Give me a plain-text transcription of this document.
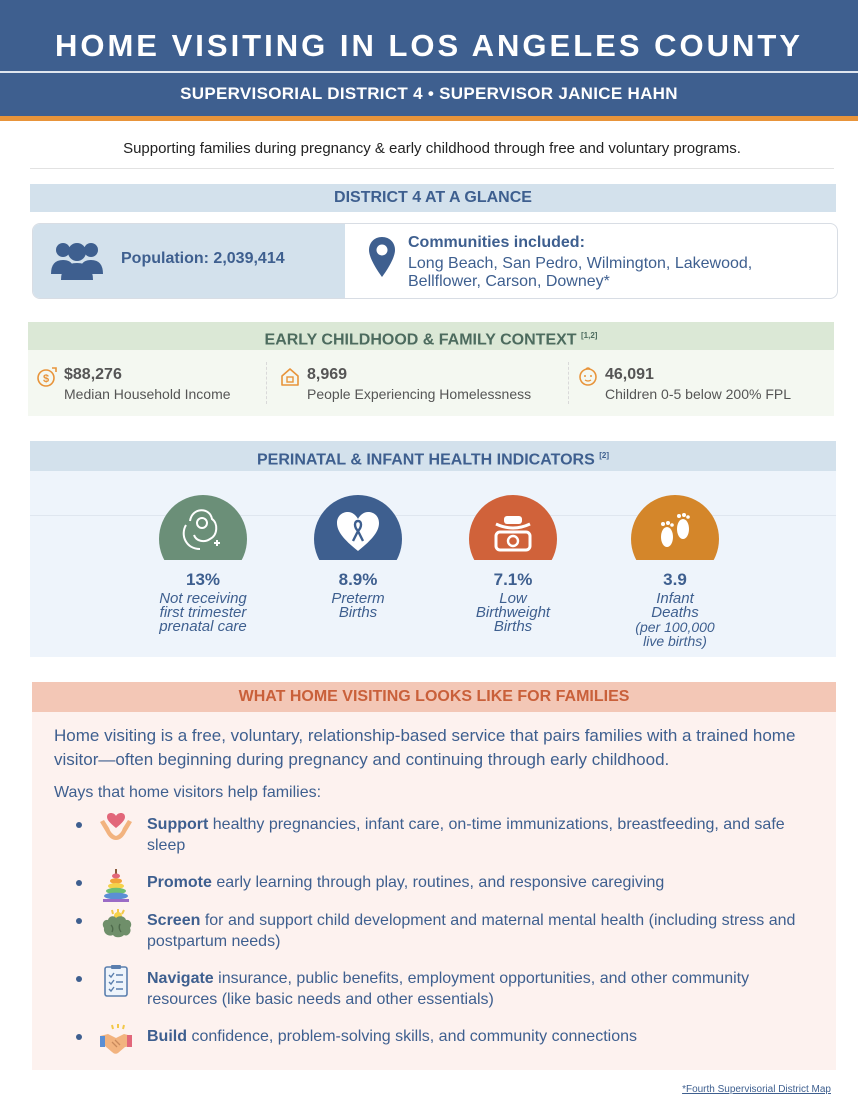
HOME VISITING IN LOS ANGELES COUNTY
SUPERVISORIAL DISTRICT 4 • SUPERVISOR JANICE HAHN
Supporting families during pregnancy & early childhood through free and voluntary programs.
DISTRICT 4 AT A GLANCE
Population: 2,039,414
Communities included:
Long Beach, San Pedro, Wilmington, Lakewood, Bellflower, Carson, Downey*
EARLY CHILDHOOD & FAMILY CONTEXT [1,2]
$ $88,276
Median Household Income
8,969
People Experiencing Homelessness
46,091
Children 0-5 below 200% FPL
PERINATAL & INFANT HEALTH INDICATORS [2]
13%
Not receiving
first trimester
prenatal care
8.9%
Preterm
Births
7.1%
Low
Birthweight
Births
3.9
Infant
Deaths
(per 100,000
live births)
WHAT HOME VISITING LOOKS LIKE FOR FAMILIES
Home visiting is a free, voluntary, relationship-based service that pairs families with a trained home visitor—often beginning during pregnancy and continuing through early childhood.
Ways that home visitors help families:
Support healthy pregnancies, infant care, on-time immunizations, breastfeeding, and safe sleep
Promote early learning through play, routines, and responsive caregiving
Screen for and support child development and maternal mental health (including stress and postpartum needs)
Navigate insurance, public benefits, employment opportunities, and other community resources (like basic needs and other essentials)
Build confidence, problem-solving skills, and community connections
*Fourth Supervisorial District Map
